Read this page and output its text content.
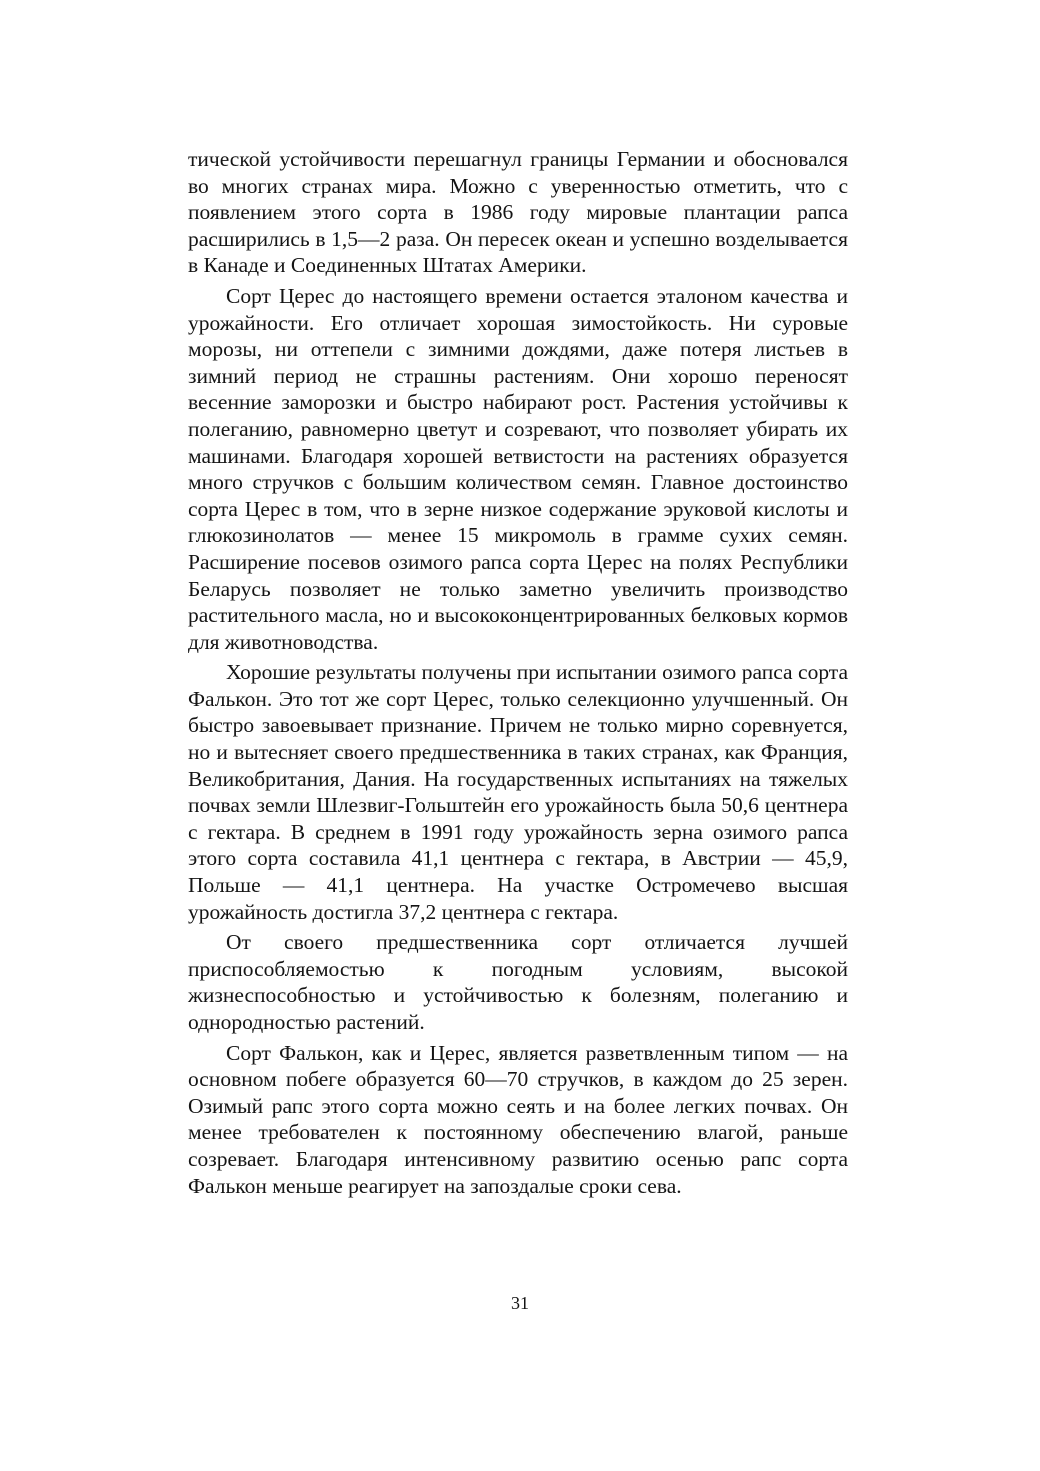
тической устойчивости перешагнул границы Германии и обосновался во многих странах мира. Можно с уверенностью отметить, что с появлением этого сорта в 1986 году мировые плантации рапса расширились в 1,5—2 раза. Он пересек океан и успешно возделывается в Канаде и Соединенных Штатах Америки.

Сорт Церес до настоящего времени остается эталоном качества и урожайности. Его отличает хорошая зимостойкость. Ни суровые морозы, ни оттепели с зимними дождями, даже потеря листьев в зимний период не страшны растениям. Они хорошо переносят весенние заморозки и быстро набирают рост. Растения устойчивы к полеганию, равномерно цветут и созревают, что позволяет убирать их машинами. Благодаря хорошей ветвистости на растениях образуется много стручков с большим количеством семян. Главное достоинство сорта Церес в том, что в зерне низкое содержание эруковой кислоты и глюкозинолатов — менее 15 микромоль в грамме сухих семян. Расширение посевов озимого рапса сорта Церес на полях Республики Беларусь позволяет не только заметно увеличить производство растительного масла, но и высококонцентрированных белковых кормов для животноводства.

Хорошие результаты получены при испытании озимого рапса сорта Фалькон. Это тот же сорт Церес, только селекционно улучшенный. Он быстро завоевывает признание. Причем не только мирно соревнуется, но и вытесняет своего предшественника в таких странах, как Франция, Великобритания, Дания. На государственных испытаниях на тяжелых почвах земли Шлезвиг-Гольштейн его урожайность была 50,6 центнера с гектара. В среднем в 1991 году урожайность зерна озимого рапса этого сорта составила 41,1 центнера с гектара, в Австрии — 45,9, Польше — 41,1 центнера. На участке Остромечево высшая урожайность достигла 37,2 центнера с гектара.

От своего предшественника сорт отличается лучшей приспособляемостью к погодным условиям, высокой жизнеспособностью и устойчивостью к болезням, полеганию и однородностью растений.

Сорт Фалькон, как и Церес, является разветвленным типом — на основном побеге образуется 60—70 стручков, в каждом до 25 зерен. Озимый рапс этого сорта можно сеять и на более легких почвах. Он менее требователен к постоянному обеспечению влагой, раньше созревает. Благодаря интенсивному развитию осенью рапс сорта Фалькон меньше реагирует на запоздалые сроки сева.

31
